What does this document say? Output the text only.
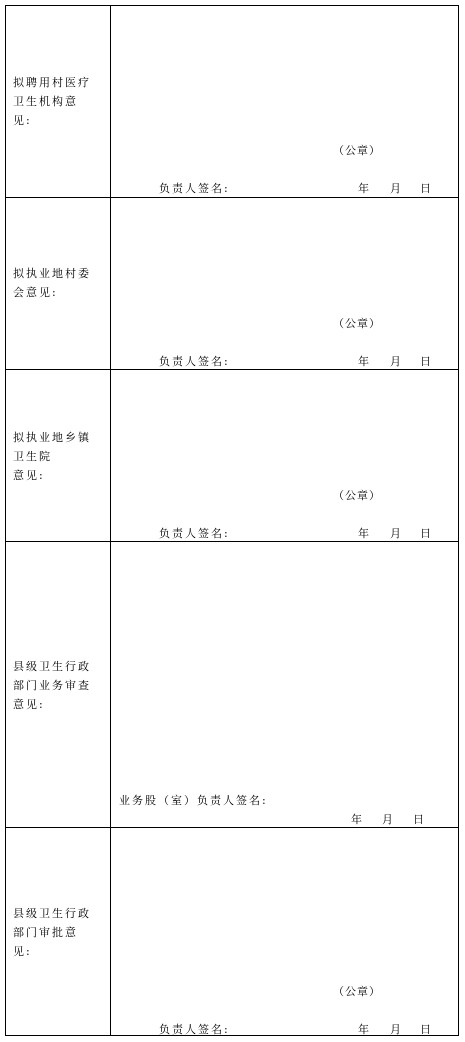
拟聘用村医疗
卫生机构意
见:
（公章）
负责人签名:	年 月 日
拟执业地村委
会意见:
（公章）
负责人签名:	年 月 日
拟执业地乡镇
卫生院
意见:
（公章）
负责人签名:	年 月 日
县级卫生行政
部门业务审查
意见:
业务股（室）负责人签名:
年 月 日
县级卫生行政
部门审批意
见:
（公章）
负责人签名:	年 月 日
